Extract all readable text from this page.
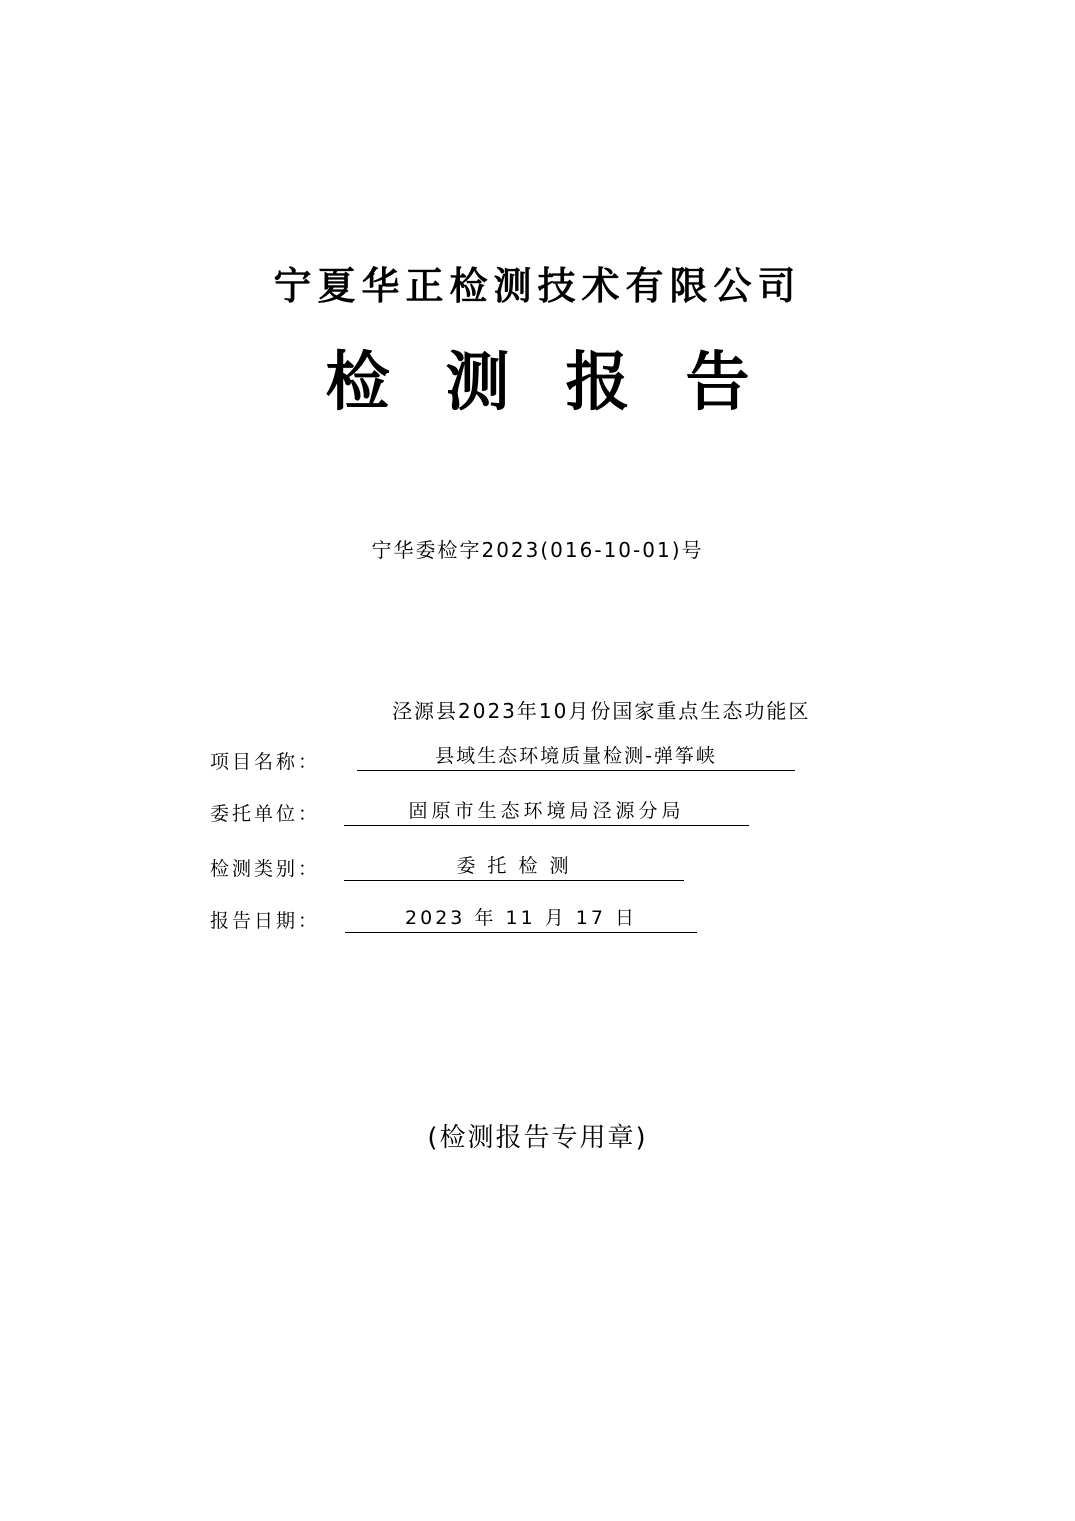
宁夏华正检测技术有限公司
检 测 报 告
宁华委检字2023(016-10-01)号
泾源县2023年10月份国家重点生态功能区
项目名称：	县域生态环境质量检测-弹筝峡
委托单位：	固原市生态环境局泾源分局
检测类别：	委 托 检 测
报告日期：	2023 年 11 月 17 日
(检测报告专用章)
